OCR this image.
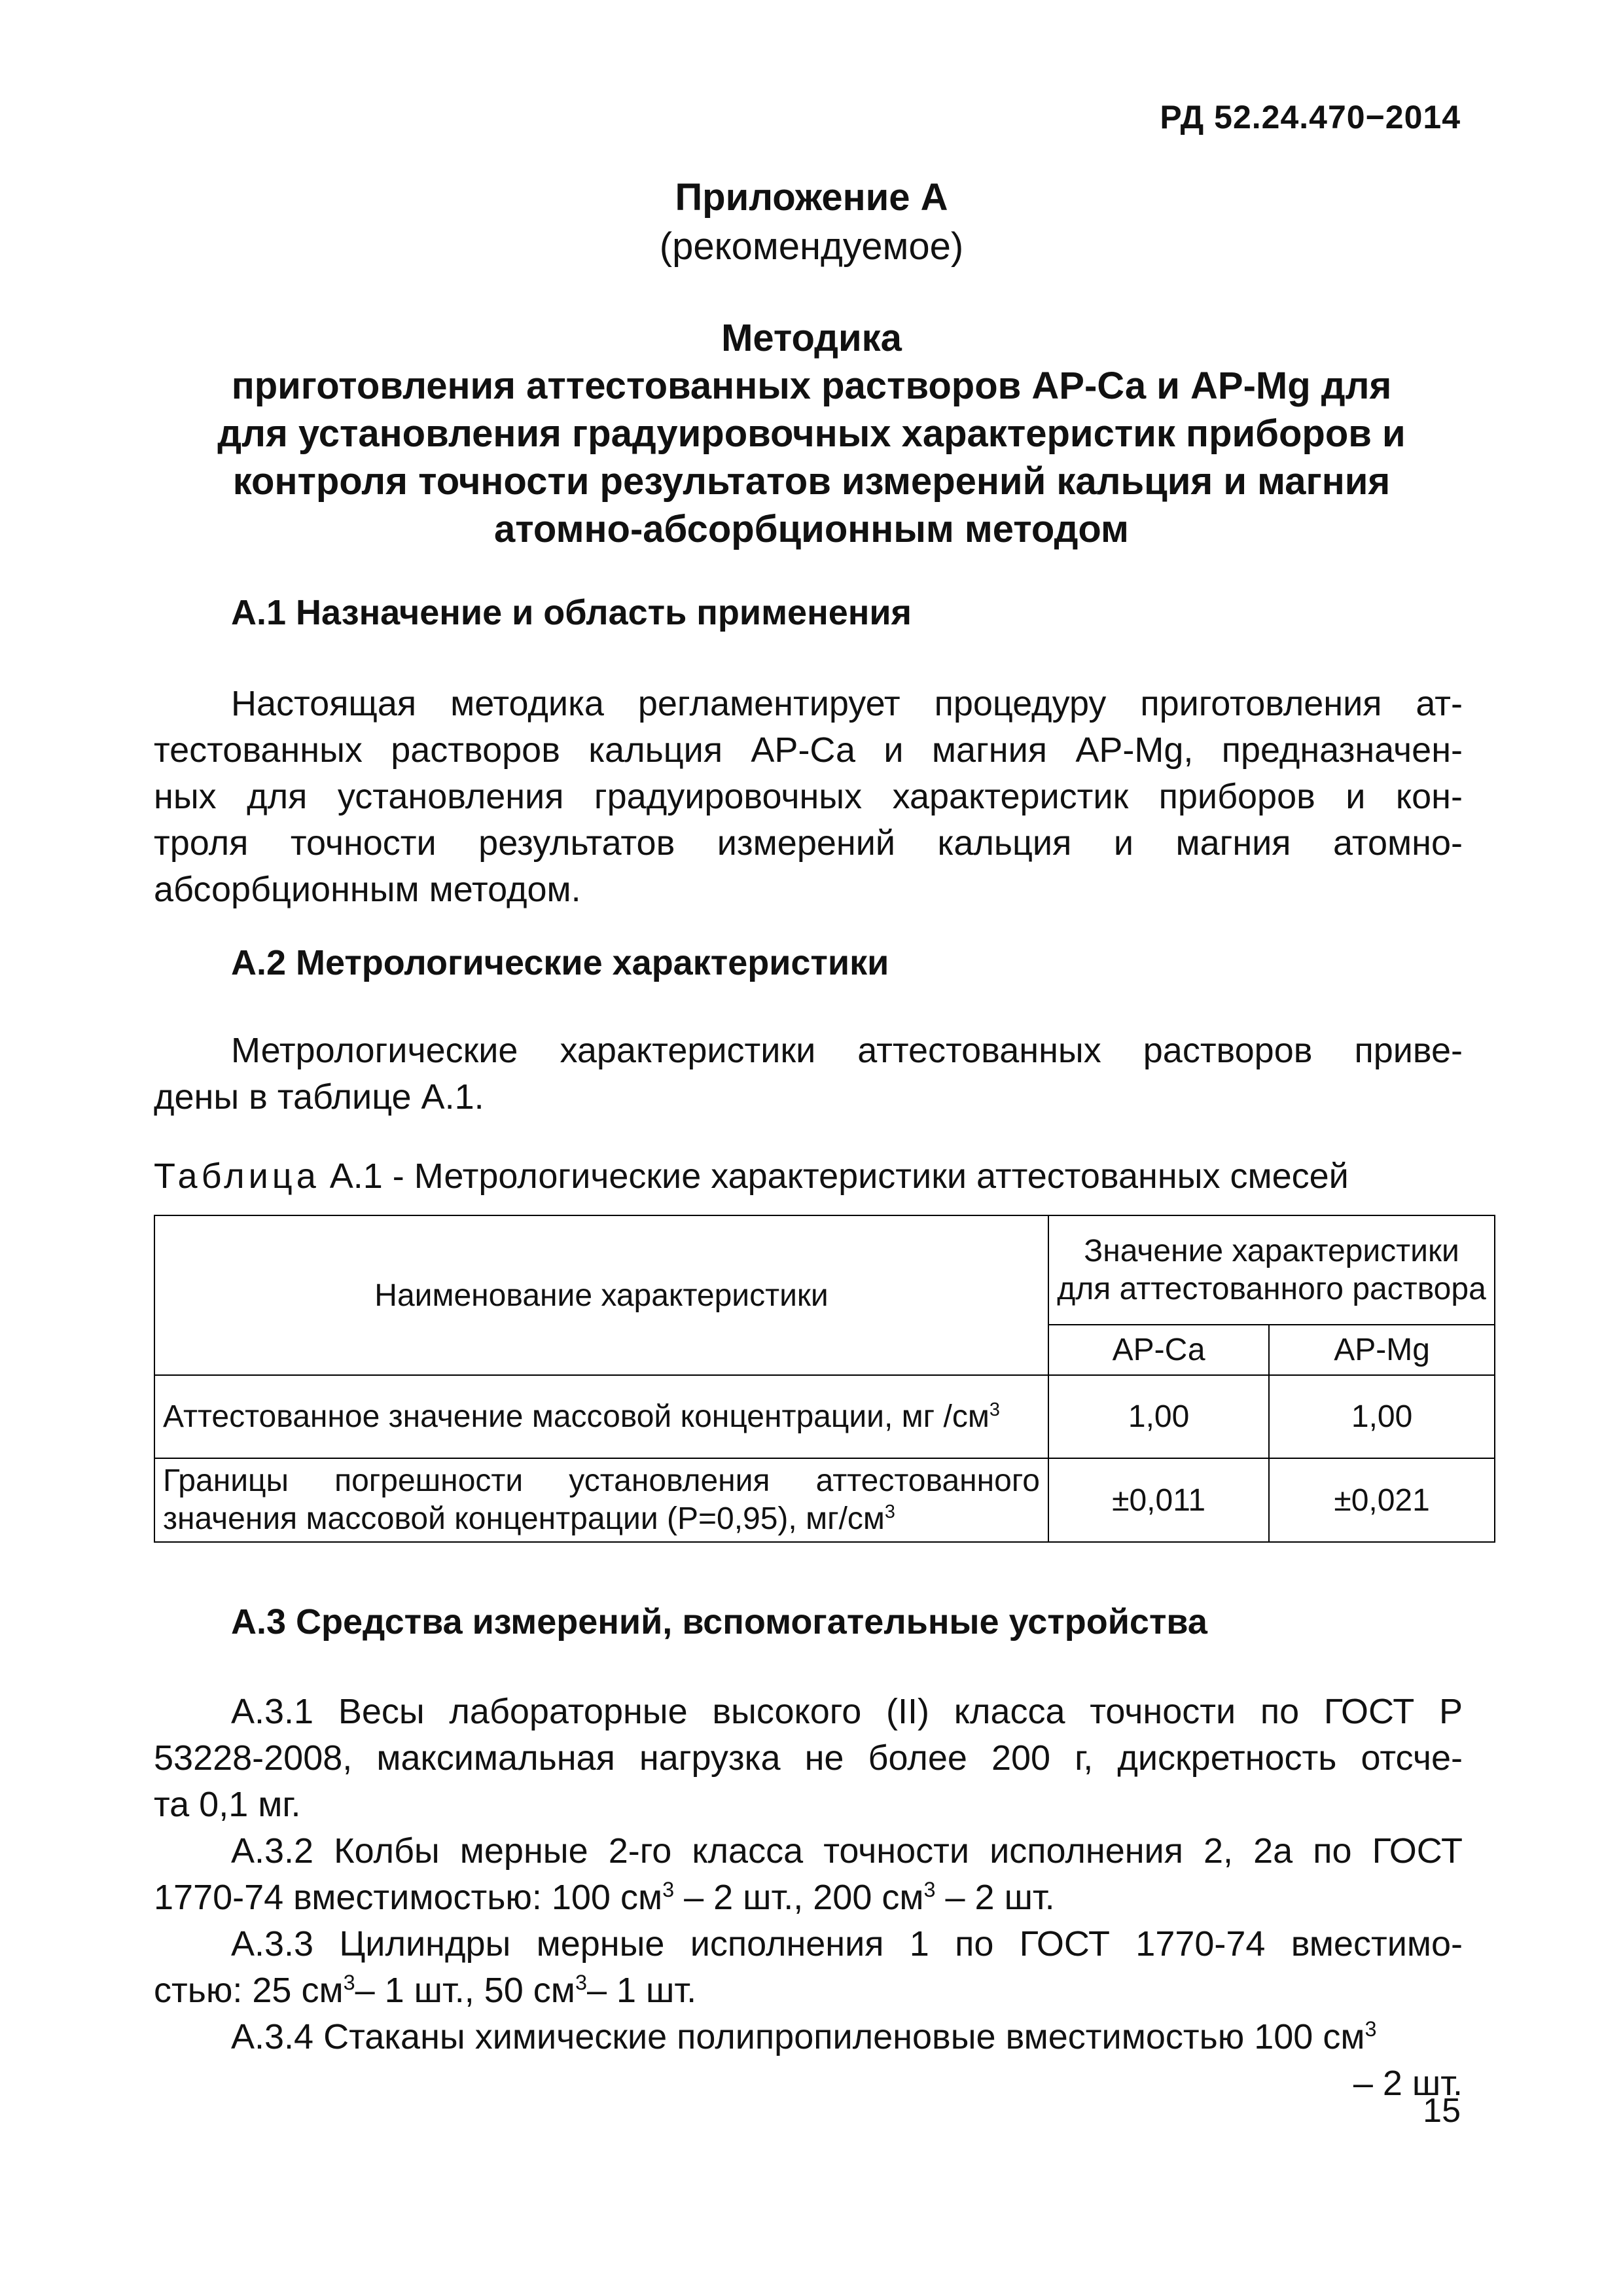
РД 52.24.470−2014
Приложение А
(рекомендуемое)
Методика
приготовления аттестованных растворов АР-Са и АР-Mg для
для установления градуировочных характеристик приборов и
контроля точности результатов измерений кальция и магния
атомно-абсорбционным методом
А.1 Назначение и область применения
Настоящая методика регламентирует процедуру приготовления ат-
тестованных растворов кальция АР-Са и магния АР-Mg, предназначен-
ных для установления градуировочных характеристик приборов и кон-
троля точности результатов измерений кальция и магния атомно-
абсорбционным методом.
А.2 Метрологические характеристики
Метрологические характеристики аттестованных растворов приве-
дены в таблице А.1.
Таблица А.1 - Метрологические характеристики аттестованных смесей
Наименование характеристики	Значение характеристики для аттестованного раствора	
	АР-Са	АР-Mg
Аттестованное значение массовой концентрации, мг $/см^3$	1,00	1,00

Границы погрешности установления аттестованного
значения массовой концентрации (P=0,95), $мг/см^3$	±0,011	±0,021
А.3 Средства измерений, вспомогательные устройства
А.3.1 Весы лабораторные высокого (II) класса точности по ГОСТ Р
53228-2008, максимальная нагрузка не более 200 г, дискретность отсче-
та 0,1 мг.
А.3.2 Колбы мерные 2-го класса точности исполнения 2, 2а по ГОСТ
1770-74 вместимостью: 100 $см^3 - 2$ шт., 200 $см^3 - 2$ шт.
А.3.3 Цилиндры мерные исполнения 1 по ГОСТ 1770-74 вместимо-
стью: 25 $см^3-$ 1 шт., 50 $см^3-$ 1 шт.
А.3.4 Стаканы химические полипропиленовые вместимостью 100 $см^3$
– 2 шт.
15
